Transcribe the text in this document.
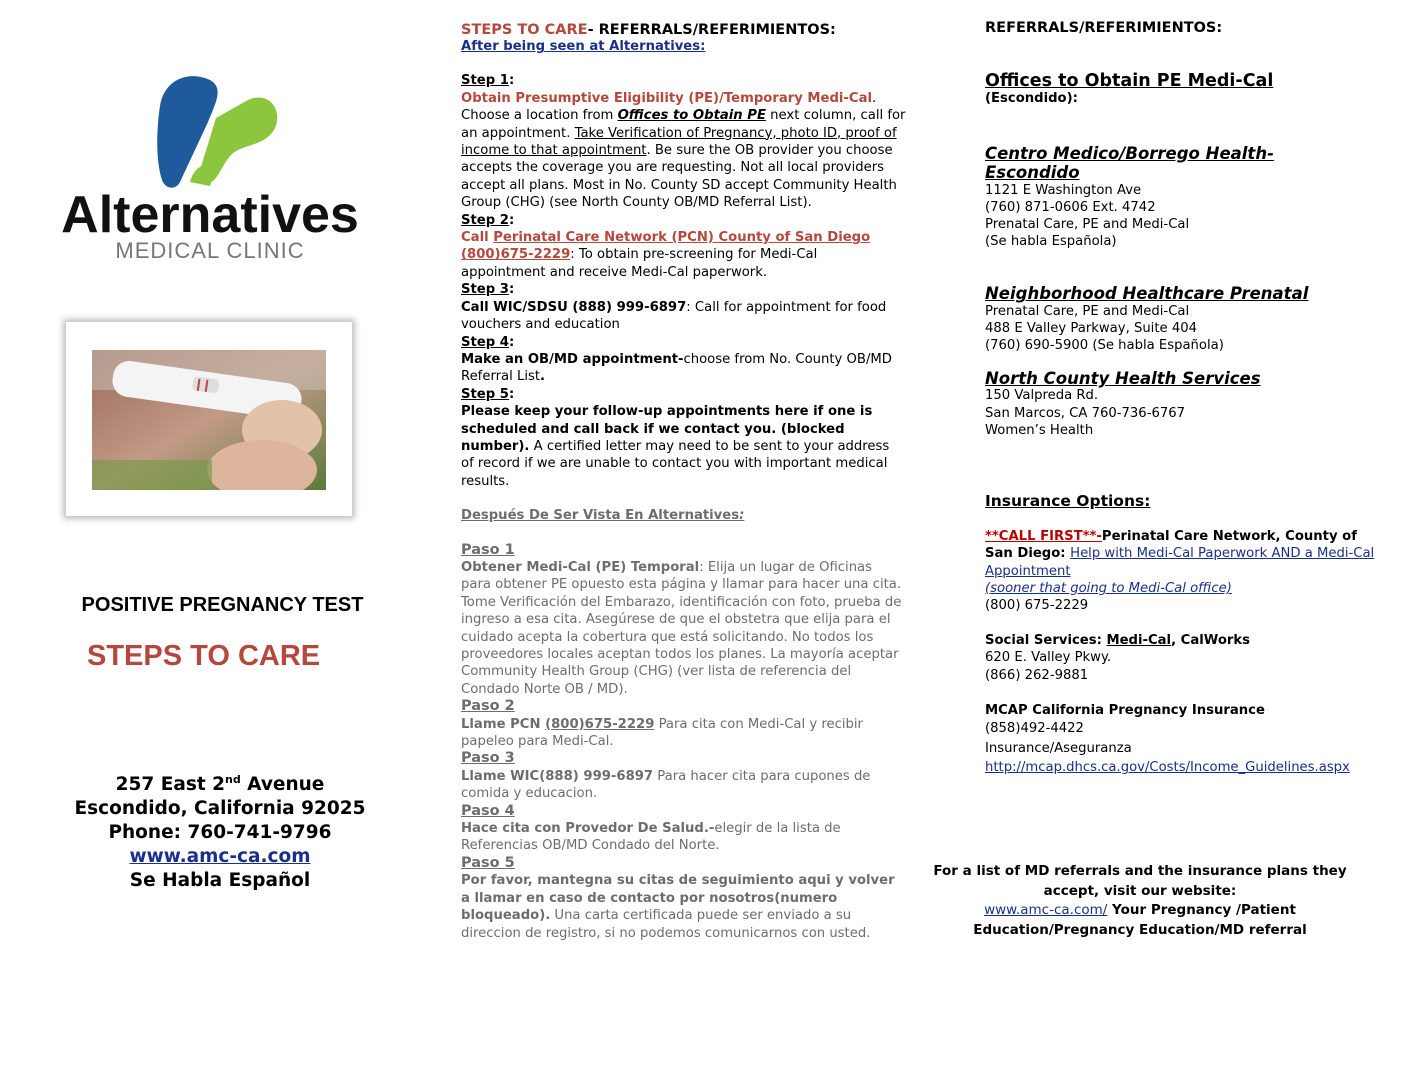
Alternatives
MEDICAL CLINIC
POSITIVE PREGNANCY TEST
STEPS TO CARE
257 East 2nd Avenue
Escondido, California 92025
Phone: 760-741-9796
www.amc-ca.com
Se Habla Español

STEPS TO CARE- REFERRALS/REFERIMIENTOS:

After being seen at Alternatives:

Step 1:
Obtain Presumptive Eligibility (PE)/Temporary Medi-Cal. Choose a location from Offices to Obtain PE next column, call for an appointment. Take Verification of Pregnancy, photo ID, proof of income to that appointment. Be sure the OB provider you choose accepts the coverage you are requesting. Not all local providers accept all plans. Most in No. County SD accept Community Health Group (CHG) (see North County OB/MD Referral List).

Step 2:
Call Perinatal Care Network (PCN) County of San Diego (800)675-2229: To obtain pre-screening for Medi-Cal appointment and receive Medi-Cal paperwork.

Step 3:
Call WIC/SDSU (888) 999-6897: Call for appointment for food vouchers and education

Step 4:
Make an OB/MD appointment-choose from No. County OB/MD Referral List.

Step 5:
Please keep your follow-up appointments here if one is scheduled and call back if we contact you. (blocked number). A certified letter may need to be sent to your address of record if we are unable to contact you with important medical results.

Después De Ser Vista En Alternatives:

Paso 1
Obtener Medi-Cal (PE) Temporal: Elija un lugar de Oficinas para obtener PE opuesto esta página y llamar para hacer una cita. Tome Verificación del Embarazo, identificación con foto, prueba de ingreso a esa cita. Asegúrese de que el obstetra que elija para el cuidado acepta la cobertura que está solicitando. No todos los proveedores locales aceptan todos los planes. La mayoría aceptar Community Health Group (CHG) (ver lista de referencia del Condado Norte OB / MD).

Paso 2
Llame PCN (800)675-2229 Para cita con Medi-Cal y recibir papeleo para Medi-Cal.

Paso 3
Llame WIC(888) 999-6897 Para hacer cita para cupones de comida y educacion.

Paso 4
Hace cita con Provedor De Salud.-elegir de la lista de Referencias OB/MD Condado del Norte.

Paso 5
Por favor, mantegna su citas de seguimiento aqui y volver a llamar en caso de contacto por nosotros(numero bloqueado). Una carta certificada puede ser enviado a su direccion de registro, si no podemos comunicarnos con usted.

REFERRALS/REFERIMIENTOS:

Offices to Obtain PE Medi-Cal

(Escondido):

Centro Medico/Borrego Health-Escondido

1121 E Washington Ave

(760) 871-0606 Ext. 4742

Prenatal Care, PE and Medi-Cal

(Se habla Española)

Neighborhood Healthcare Prenatal

Prenatal Care, PE and Medi-Cal

488 E Valley Parkway, Suite 404

(760) 690-5900 (Se habla Española)

North County Health Services

150 Valpreda Rd.

San Marcos, CA 760-736-6767

Women’s Health

Insurance Options:

**CALL FIRST**-Perinatal Care Network, County of San Diego: Help with Medi-Cal Paperwork AND a Medi-Cal Appointment
(sooner that going to Medi-Cal office)
(800) 675-2229

Social Services: Medi-Cal, CalWorks

620 E. Valley Pkwy.

(866) 262-9881

MCAP California Pregnancy Insurance

(858)492-4422

Insurance/Aseguranza

http://mcap.dhcs.ca.gov/Costs/Income_Guidelines.aspx

For a list of MD referrals and the insurance plans they accept, visit our website:
www.amc-ca.com/ Your Pregnancy /Patient Education/Pregnancy Education/MD referral
